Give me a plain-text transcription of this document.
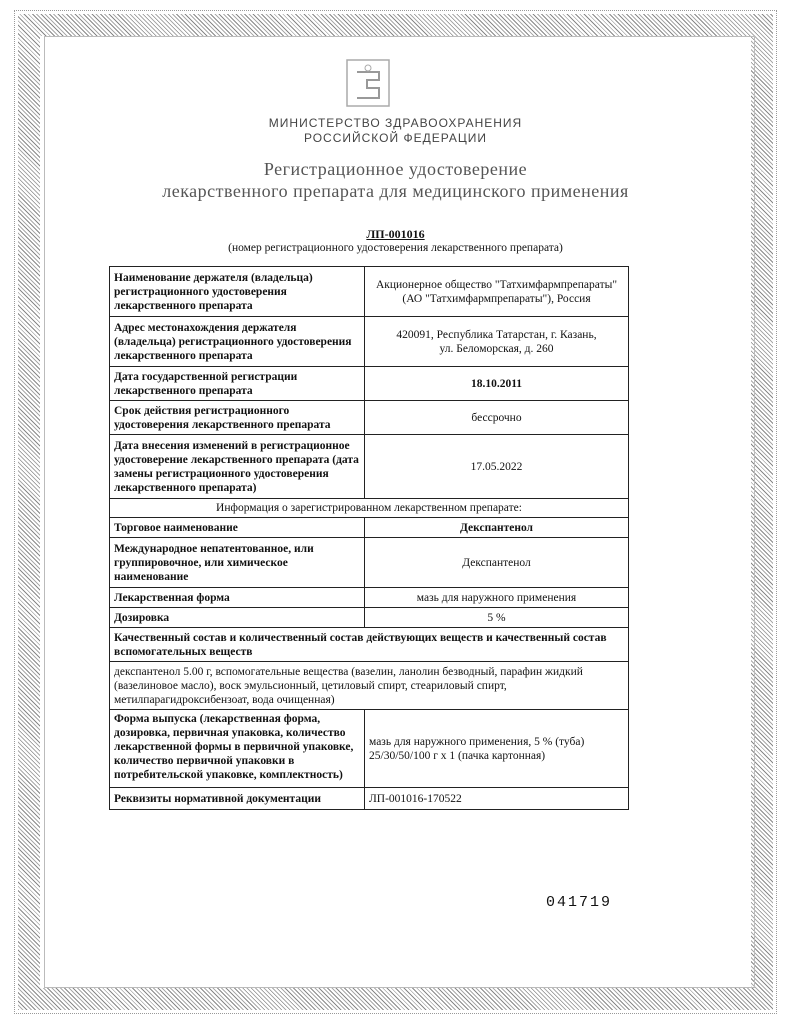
МИНИСТЕРСТВО ЗДРАВООХРАНЕНИЯ
РОССИЙСКОЙ ФЕДЕРАЦИИ
Регистрационное удостоверение
лекарственного препарата для медицинского применения
ЛП-001016
(номер регистрационного удостоверения лекарственного препарата)
Наименование держателя (владельца) регистрационного удостоверения лекарственного препарата	Акционерное общество "Татхимфармпрепараты"
(АО "Татхимфармпрепараты"), Россия

Адрес местонахождения держателя (владельца) регистрационного удостоверения лекарственного препарата	420091, Республика Татарстан, г. Казань,
ул. Беломорская, д. 260

Дата государственной регистрации лекарственного препарата	18.10.2011
Срок действия регистрационного удостоверения лекарственного препарата	бессрочно
Дата внесения изменений в регистрационное удостоверение лекарственного препарата (дата замены регистрационного удостоверения лекарственного препарата)	17.05.2022
Информация о зарегистрированном лекарственном препарате:	
Торговое наименование	Декспантенол
Международное непатентованное, или группировочное, или химическое наименование	Декспантенол
Лекарственная форма	мазь для наружного применения
Дозировка	5 %
Качественный состав и количественный состав действующих веществ и качественный состав вспомогательных веществ	
декспантенол 5.00 г, вспомогательные вещества (вазелин, ланолин безводный, парафин жидкий (вазелиновое масло), воск эмульсионный, цетиловый спирт, стеариловый спирт, метилпарагидроксибензоат, вода очищенная)	
Форма выпуска (лекарственная форма, дозировка, первичная упаковка, количество лекарственной формы в первичной упаковке, количество первичной упаковки в потребительской упаковке, комплектность)	мазь для наружного применения, 5 % (туба)
25/30/50/100 г x 1 (пачка картонная)

Реквизиты нормативной документации	ЛП-001016-170522
041719
